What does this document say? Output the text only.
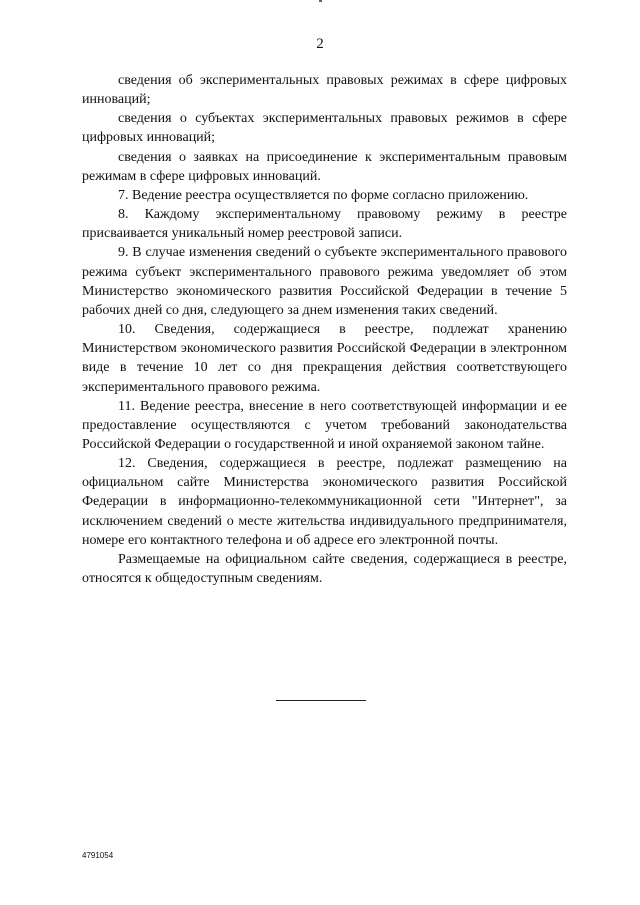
2

сведения об экспериментальных правовых режимах в сфере цифровых инноваций;

сведения о субъектах экспериментальных правовых режимов в сфере цифровых инноваций;

сведения о заявках на присоединение к экспериментальным правовым режимам в сфере цифровых инноваций.

7. Ведение реестра осуществляется по форме согласно приложению.

8. Каждому экспериментальному правовому режиму в реестре присваивается уникальный номер реестровой записи.

9. В случае изменения сведений о субъекте экспериментального правового режима субъект экспериментального правового режима уведомляет об этом Министерство экономического развития Российской Федерации в течение 5 рабочих дней со дня, следующего за днем изменения таких сведений.

10. Сведения, содержащиеся в реестре, подлежат хранению Министерством экономического развития Российской Федерации в электронном виде в течение 10 лет со дня прекращения действия соответствующего экспериментального правового режима.

11. Ведение реестра, внесение в него соответствующей информации и ее предоставление осуществляются с учетом требований законодательства Российской Федерации о государственной и иной охраняемой законом тайне.

12. Сведения, содержащиеся в реестре, подлежат размещению на официальном сайте Министерства экономического развития Российской Федерации в информационно-телекоммуникационной сети "Интернет", за исключением сведений о месте жительства индивидуального предпринимателя, номере его контактного телефона и об адресе его электронной почты.

Размещаемые на официальном сайте сведения, содержащиеся в реестре, относятся к общедоступным сведениям.

4791054
